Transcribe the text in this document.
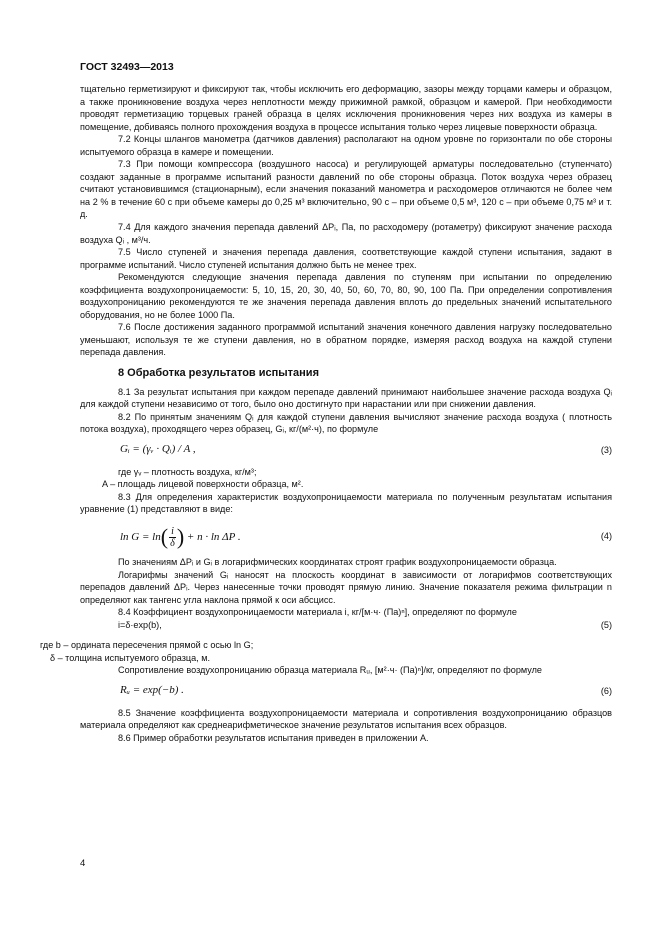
ГОСТ 32493—2013

тщательно герметизируют и фиксируют так, чтобы исключить его деформацию, зазоры между торцами камеры и образцом, а также проникновение воздуха через неплотности между прижимной рамкой, образцом и камерой. При необходимости проводят герметизацию торцевых граней образца в целях исключения проникновения через них воздуха из камеры в помещение, добиваясь полного прохождения воздуха в процессе испытания только через лицевые поверхности образца.

7.2 Концы шлангов манометра (датчиков давления) располагают на одном уровне по горизонтали по обе стороны испытуемого образца в камере и помещении.

7.3 При помощи компрессора (воздушного насоса) и регулирующей арматуры последовательно (ступенчато) создают заданные в программе испытаний разности давлений по обе стороны образца. Поток воздуха через образец считают установившимся (стационарным), если значения показаний манометра и расходомеров отличаются не более чем на 2 % в течение 60 с при объеме камеры до 0,25 м³ включительно, 90 с – при объеме 0,5 м³, 120 с – при объеме 0,75 м³ и т. д.

7.4 Для каждого значения перепада давлений ΔPᵢ, Па, по расходомеру (ротаметру) фиксируют значение расхода воздуха Qᵢ , м³/ч.

7.5 Число ступеней и значения перепада давления, соответствующие каждой ступени испытания, задают в программе испытаний. Число ступеней испытания должно быть не менее трех.

Рекомендуются следующие значения перепада давления по ступеням при испытании по определению коэффициента воздухопроницаемости: 5, 10, 15, 20, 30, 40, 50, 60, 70, 80, 90, 100 Па. При определении сопротивления воздухопроницанию рекомендуются те же значения перепада давления вплоть до предельных значений испытательного оборудования, но не более 1000 Па.

7.6 После достижения заданного программой испытаний значения конечного давления нагрузку последовательно уменьшают, используя те же ступени давления, но в обратном порядке, измеряя расход воздуха на каждой ступени перепада давления.

8 Обработка результатов испытания

8.1 За результат испытания при каждом перепаде давлений принимают наибольшее значение расхода воздуха Qᵢ для каждой ступени независимо от того, было оно достигнуто при нарастании или при снижении давления.

8.2 По принятым значениям Qᵢ для каждой ступени давления вычисляют значение расхода воздуха ( плотность потока воздуха), проходящего через образец, Gᵢ, кг/(м²·ч), по формуле

Gᵢ = (γᵥ · Qᵢ) / A ,	(3)

где γᵥ – плотность воздуха, кг/м³;

A – площадь лицевой поверхности образца, м².

8.3 Для определения характеристик воздухопроницаемости материала по полученным результатам испытания уравнение (1) представляют в виде:

$\ln G = \ln( \frac{i}{\delta}$ ) + n · ln ΔP .	(4)

По значениям ΔPᵢ и Gᵢ в логарифмических координатах строят график воздухопроницаемости образца.

Логарифмы значений Gᵢ наносят на плоскость координат в зависимости от логарифмов соответствующих перепадов давлений ΔPᵢ. Через нанесенные точки проводят прямую линию. Значение показателя режима фильтрации n определяют как тангенс угла наклона прямой к оси абсцисс.

8.4 Коэффициент воздухопроницаемости материала i, кг/[м·ч· (Па)ⁿ], определяют по формуле

i=δ·exp(b),	(5)

где b – ордината пересечения прямой с осью ln G;

δ – толщина испытуемого образца, м.

Сопротивление воздухопроницанию образца материала Rᵤ, [м²·ч· (Па)ⁿ]/кг, определяют по формуле

Rᵤ = exp(−b) .	(6)

8.5 Значение коэффициента воздухопроницаемости материала и сопротивления воздухопроницанию образцов материала определяют как среднеарифметическое значение результатов испытания всех образцов.

8.6 Пример обработки результатов испытания приведен в приложении А.

4
